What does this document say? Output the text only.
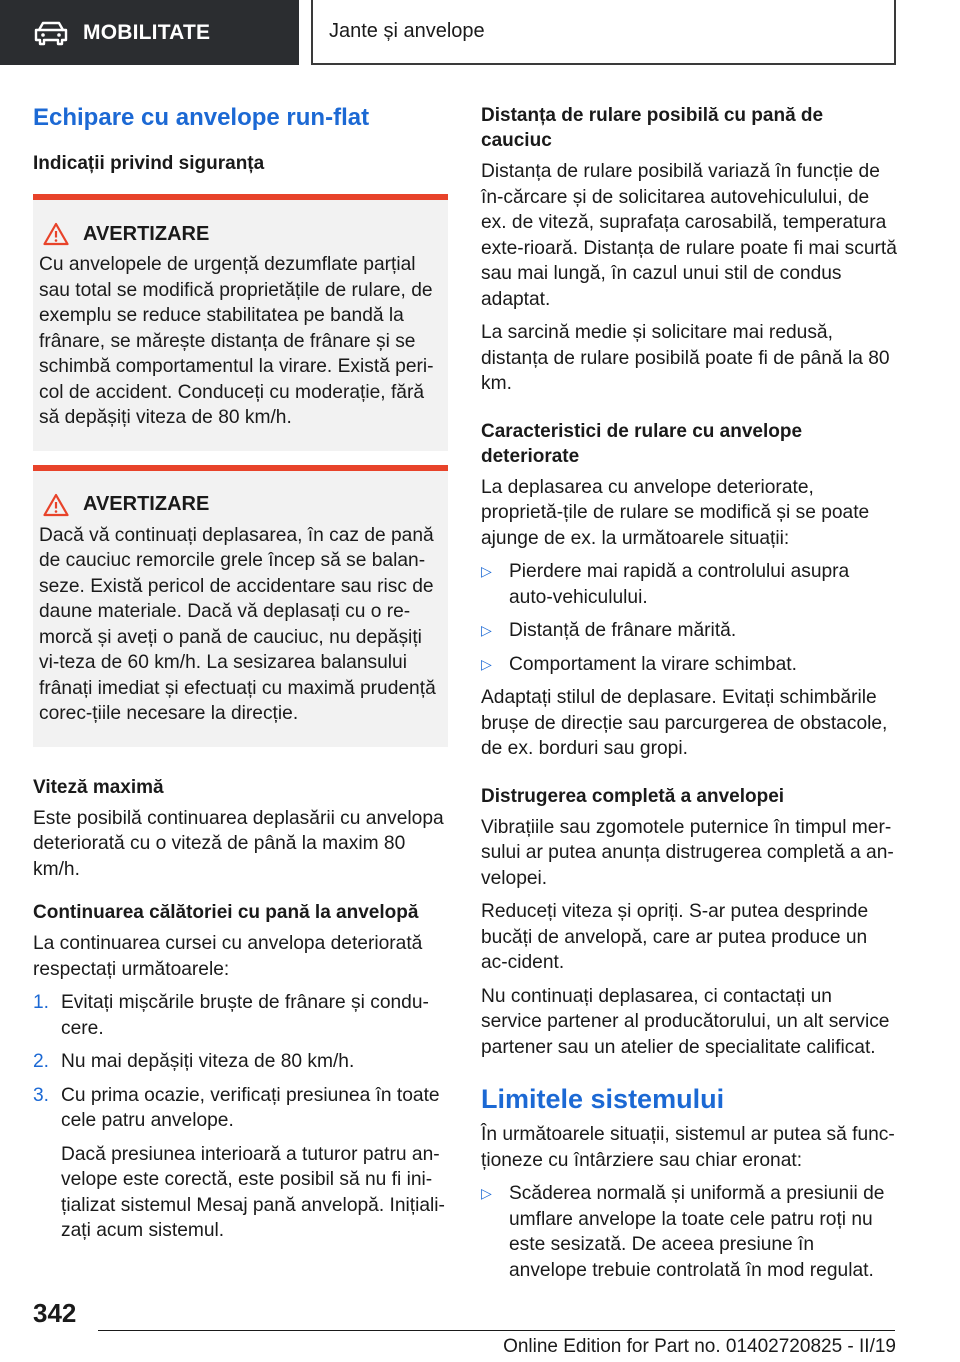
MOBILITATE	Jante și anvelope
Echipare cu anvelope run-flat
Indicații privind siguranța
AVERTIZARE

Cu anvelopele de urgență dezumflate parțial sau total se modifică proprietățile de rulare, de exemplu se reduce stabilitatea pe bandă la frânare, se mărește distanța de frânare și se schimbă comportamentul la virare. Există peri-col de accident. Conduceți cu moderație, fără să depășiți viteza de 80 km/h.

AVERTIZARE

Dacă vă continuați deplasarea, în caz de pană de cauciuc remorcile grele încep să se balan-seze. Există pericol de accidentare sau risc de daune materiale. Dacă vă deplasați cu o re-morcă și aveți o pană de cauciuc, nu depășiți vi-teza de 60 km/h. La sesizarea balansului frânați imediat și efectuați cu maximă prudență corec-țiile necesare la direcție.

Viteză maximă

Este posibilă continuarea deplasării cu anvelopa deteriorată cu o viteză de până la maxim 80 km/h.

Continuarea călătoriei cu pană la anvelopă

La continuarea cursei cu anvelopa deteriorată respectați următoarele:

1. Evitați mișcările bruște de frânare și condu-cere.
2. Nu mai depășiți viteza de 80 km/h.
3. Cu prima ocazie, verificați presiunea în toate cele patru anvelope.

Dacă presiunea interioară a tuturor patru an-velope este corectă, este posibil să nu fi ini-țializat sistemul Mesaj pană anvelopă. Inițiali-zați acum sistemul.

Distanța de rulare posibilă cu pană de cauciuc

Distanța de rulare posibilă variază în funcție de în-cărcare și de solicitarea autovehiculului, de ex. de viteză, suprafața carosabilă, temperatura exte-rioară. Distanța de rulare poate fi mai scurtă sau mai lungă, în cazul unui stil de condus adaptat.

La sarcină medie și solicitare mai redusă, distanța de rulare posibilă poate fi de până la 80 km.

Caracteristici de rulare cu anvelope deteriorate

La deplasarea cu anvelope deteriorate, proprietă-țile de rulare se modifică și se poate ajunge de ex. la următoarele situații:

▷ Pierdere mai rapidă a controlului asupra auto-vehiculului.
▷ Distanță de frânare mărită.
▷ Comportament la virare schimbat.

Adaptați stilul de deplasare. Evitați schimbările brușe de direcție sau parcurgerea de obstacole, de ex. borduri sau gropi.

Distrugerea completă a anvelopei

Vibrațiile sau zgomotele puternice în timpul mer-sului ar putea anunța distrugerea completă a an-velopei.

Reduceți viteza și opriți. S-ar putea desprinde bucăți de anvelopă, care ar putea produce un ac-cident.

Nu continuați deplasarea, ci contactați un service partener al producătorului, un alt service partener sau un atelier de specialitate calificat.

Limitele sistemului

În următoarele situații, sistemul ar putea să func-ționeze cu întârziere sau chiar eronat:

▷ Scăderea normală și uniformă a presiunii de umflare anvelope la toate cele patru roți nu este sesizată. De aceea presiune în anvelope trebuie controlată în mod regulat.
342
Online Edition for Part no. 01402720825 - II/19
